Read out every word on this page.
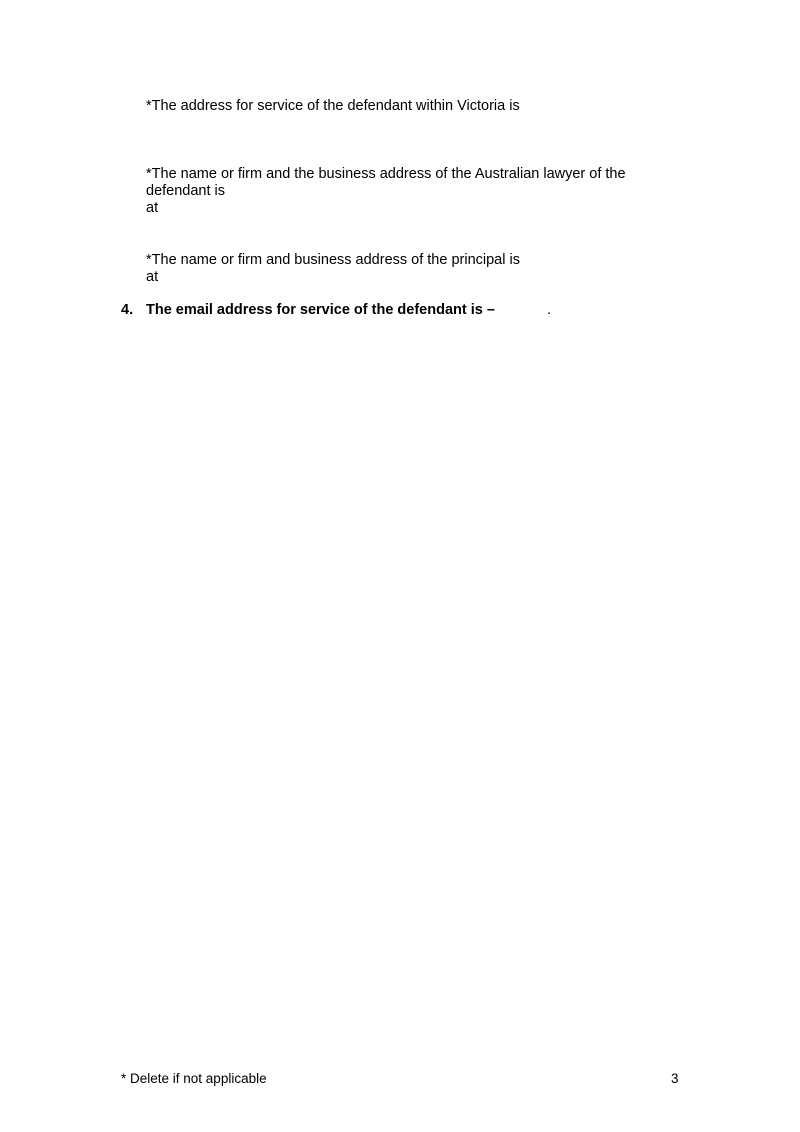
*The address for service of the defendant within Victoria is
*The name or firm and the business address of the Australian lawyer of the
defendant is
at
*The name or firm and business address of the principal is
at
4. The email address for service of the defendant is –	.
* Delete if not applicable	3
